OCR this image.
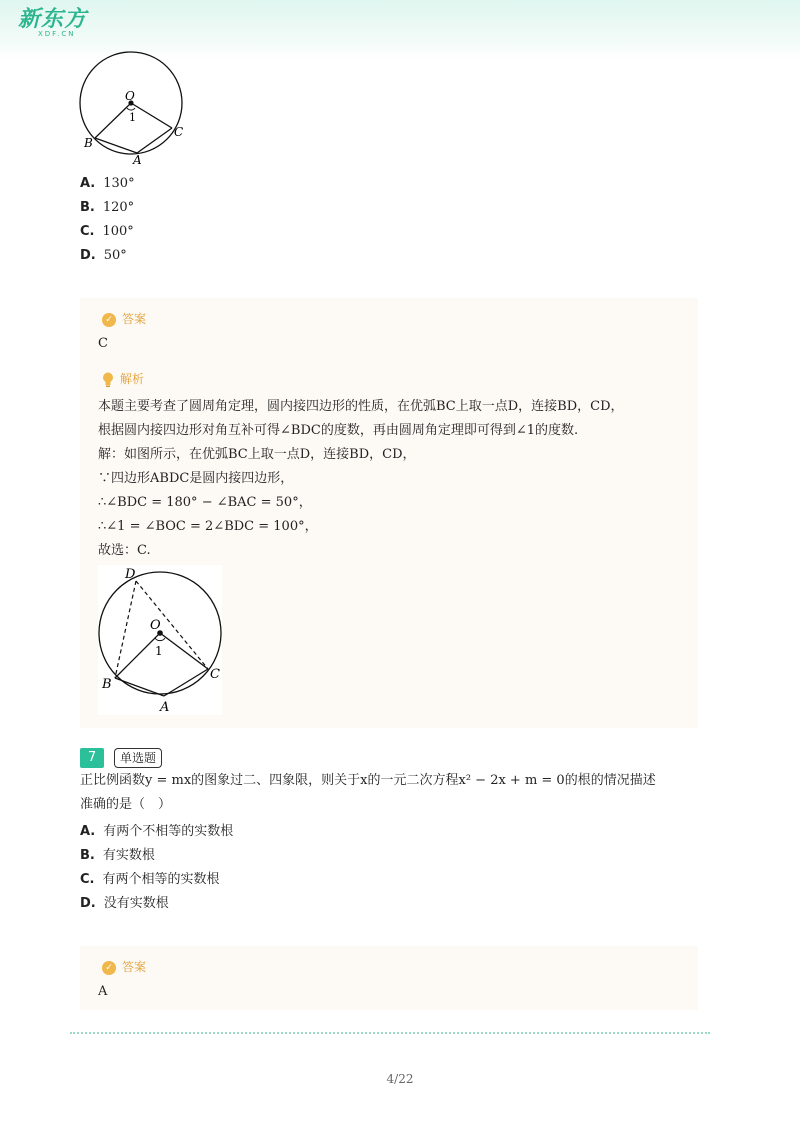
新东方
XDF.CN
O
1
B
A
C
A. 130°
B. 120°
C. 100°
D. 50°
✓ 答案
C
解析
本题主要考查了圆周角定理，圆内接四边形的性质，在优弧BC上取一点D，连接BD，CD，
根据圆内接四边形对角互补可得∠BDC的度数，再由圆周角定理即可得到∠1的度数.
解：如图所示，在优弧BC上取一点D，连接BD，CD，
∵四边形ABDC是圆内接四边形，
∴∠BDC = 180° − ∠BAC = 50°，
∴∠1 = ∠BOC = 2∠BDC = 100°，
故选：C.
D
O
1
B
A
C
7	单选题
正比例函数y = mx的图象过二、四象限，则关于x的一元二次方程x² − 2x + m = 0的根的情况描述
准确的是（　）
A. 有两个不相等的实数根
B. 有实数根
C. 有两个相等的实数根
D. 没有实数根
✓ 答案
A
4/22
